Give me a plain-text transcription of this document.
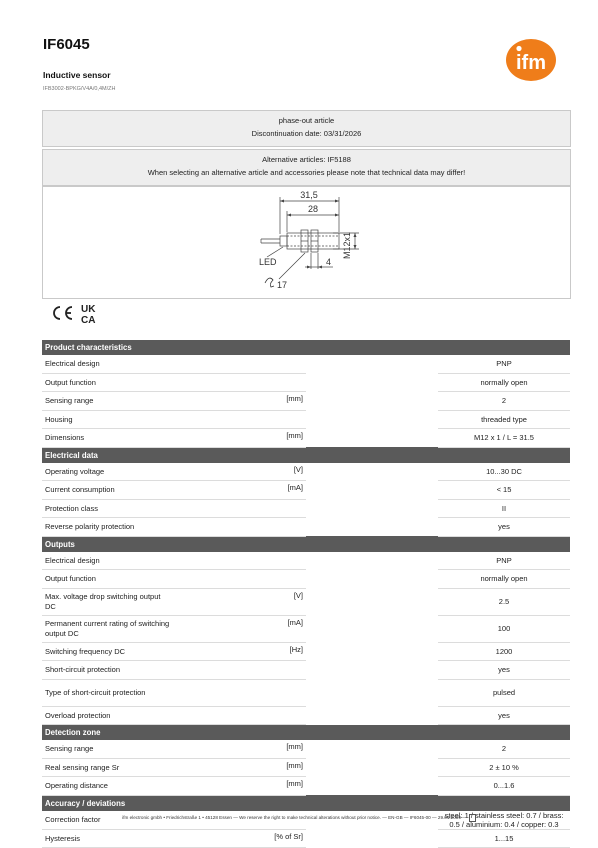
IF6045
Inductive sensor
IFB3002-BPKG/V4A/0,4M/ZH
ifm
phase-out article
Discontinuation date: 03/31/2026
Alternative articles: IF5188
When selecting an alternative article and accessories please note that technical data may differ!
31,5
28
M12x1
4
LED
17
UK
CA
Product characteristics			
Electrical design			PNP
Output function			normally open
Sensing range	[mm]		2
Housing			threaded type
Dimensions	[mm]		M12 x 1 / L = 31.5
Electrical data			
Operating voltage	[V]		10...30 DC
Current consumption	[mA]		< 15
Protection class			II
Reverse polarity protection			yes
Outputs			
Electrical design			PNP
Output function			normally open
Max. voltage drop switching output DC	[V]		2.5
Permanent current rating of switching output DC	[mA]		100
Switching frequency DC	[Hz]		1200
Short-circuit protection			yes
Type of short-circuit protection			pulsed
Overload protection			yes
Detection zone			
Sensing range	[mm]		2
Real sensing range Sr	[mm]		2 ± 10 %
Operating distance	[mm]		0...1.6
Accuracy / deviations			
Correction factor			steel: 1 / stainless steel: 0.7 / brass: 0.5 / aluminium: 0.4 / copper: 0.3
Hysteresis	[% of Sr]		1...15
ifm electronic gmbh • Friedrichstraße 1 • 45128 Essen — We reserve the right to make technical alterations without prior notice. — EN-GB — IF6045-00 — 29.01.2009 —
